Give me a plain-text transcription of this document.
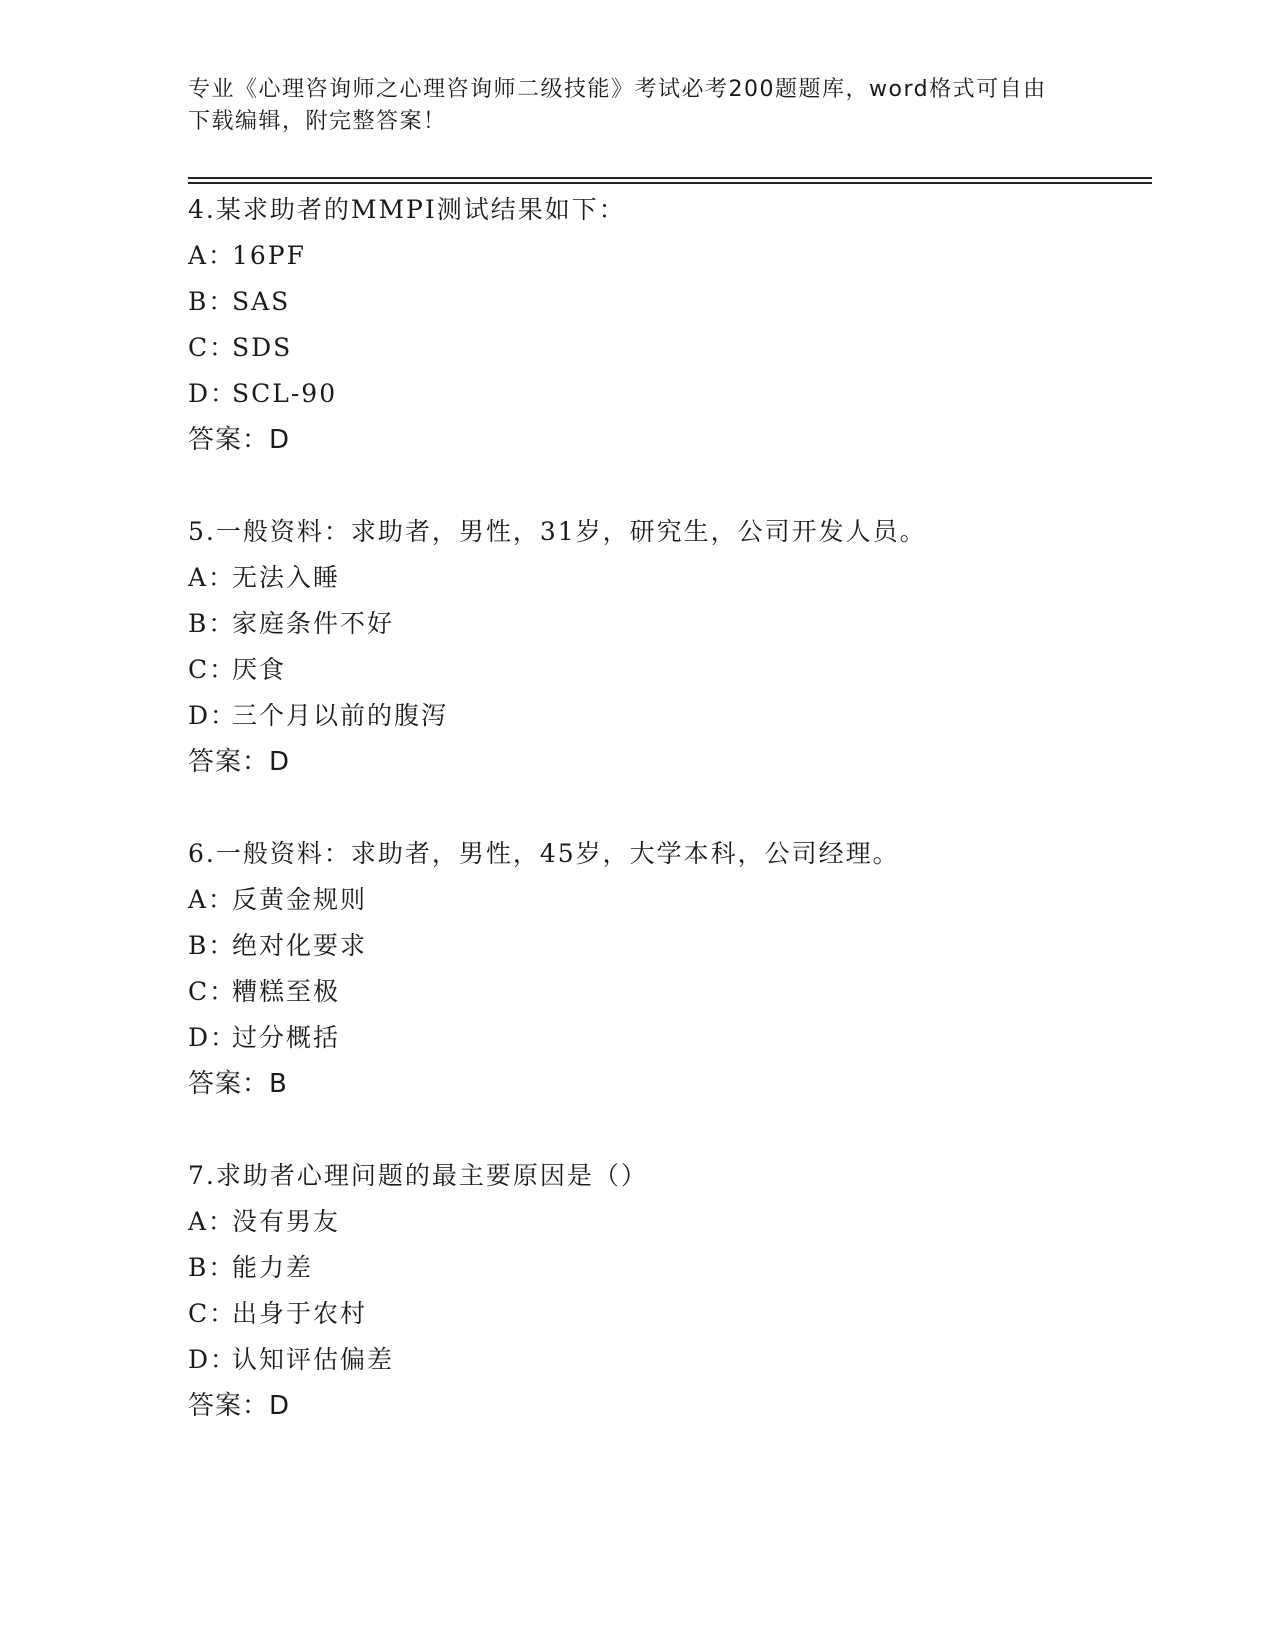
专业《心理咨询师之心理咨询师二级技能》考试必考200题题库，word格式可自由下载编辑，附完整答案！

4.某求助者的MMPI测试结果如下：
A：16PF
B：SAS
C：SDS
D：SCL-90
答案：D
5.一般资料：求助者，男性，31岁，研究生，公司开发人员。
A：无法入睡
B：家庭条件不好
C：厌食
D：三个月以前的腹泻
答案：D
6.一般资料：求助者，男性，45岁，大学本科，公司经理。
A：反黄金规则
B：绝对化要求
C：糟糕至极
D：过分概括
答案：B
7.求助者心理问题的最主要原因是（）
A：没有男友
B：能力差
C：出身于农村
D：认知评估偏差
答案：D
